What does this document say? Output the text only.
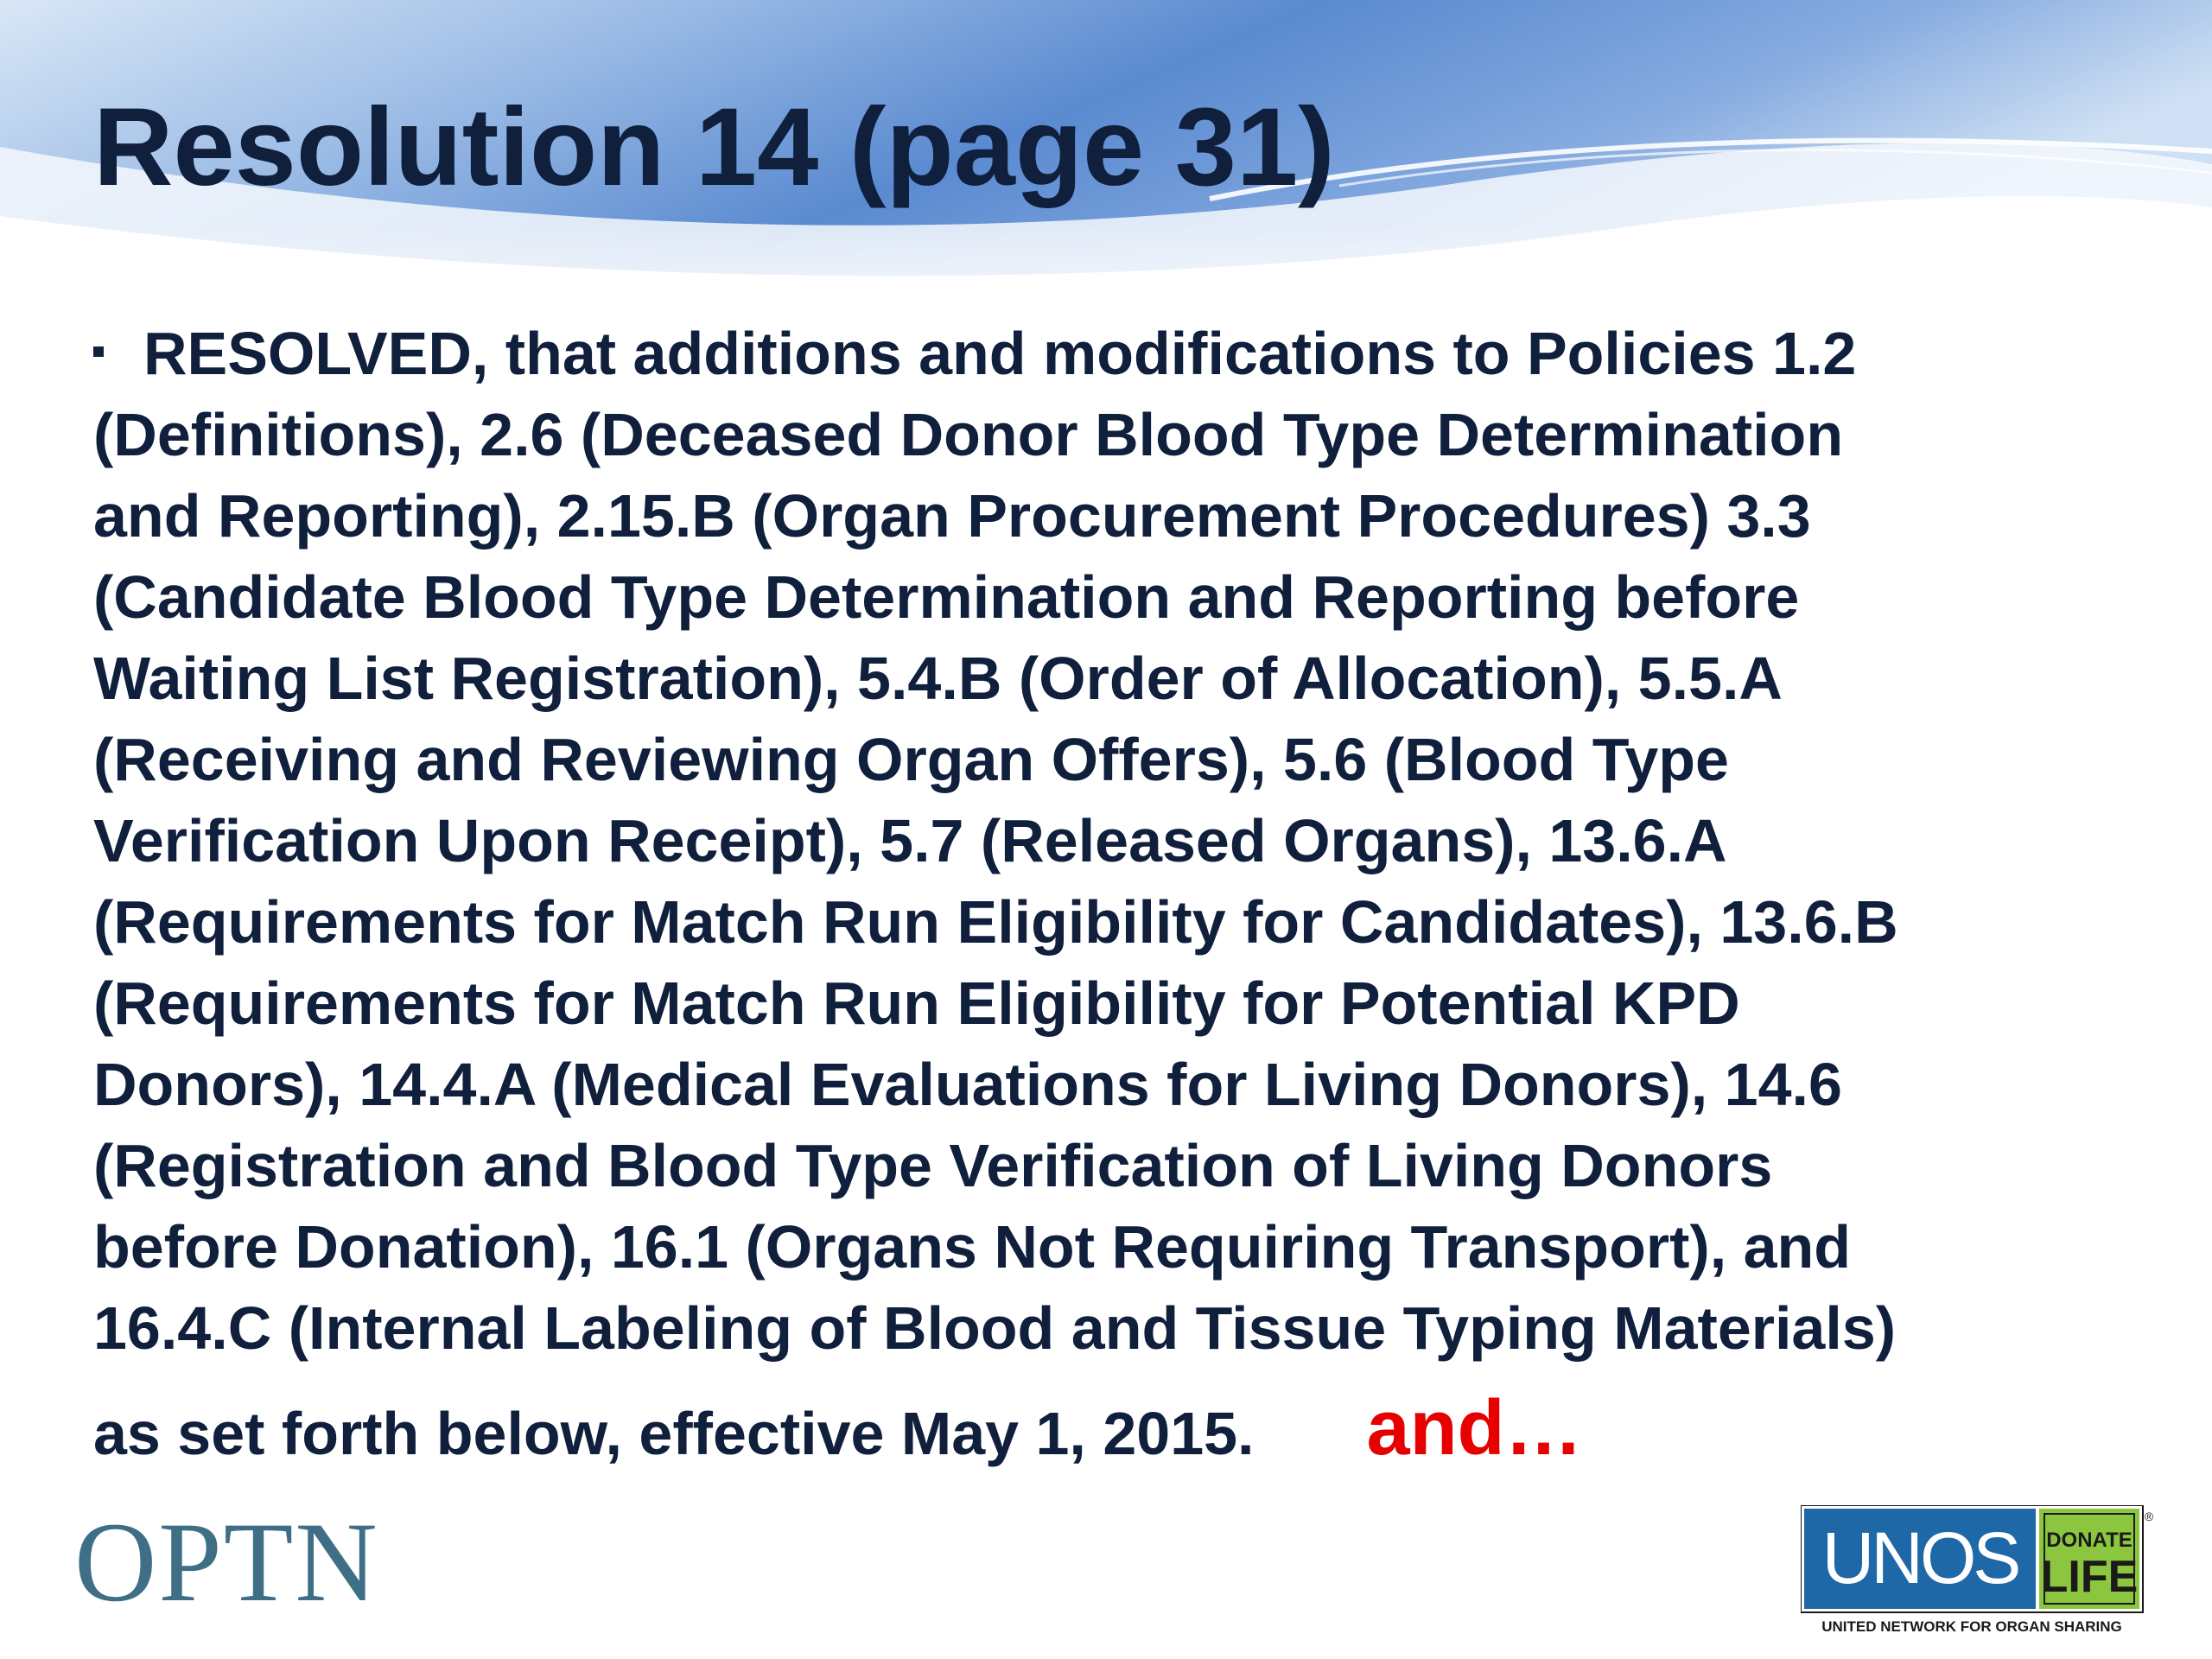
Resolution 14 (page 31)
RESOLVED, that additions and modifications to Policies 1.2
(Definitions), 2.6 (Deceased Donor Blood Type Determination
and Reporting), 2.15.B (Organ Procurement Procedures) 3.3
(Candidate Blood Type Determination and Reporting before
Waiting List Registration), 5.4.B (Order of Allocation), 5.5.A
(Receiving and Reviewing Organ Offers), 5.6 (Blood Type
Verification Upon Receipt), 5.7 (Released Organs), 13.6.A
(Requirements for Match Run Eligibility for Candidates), 13.6.B
(Requirements for Match Run Eligibility for Potential KPD
Donors), 14.4.A (Medical Evaluations for Living Donors), 14.6
(Registration and Blood Type Verification of Living Donors
before Donation), 16.1 (Organs Not Requiring Transport), and
16.4.C (Internal Labeling of Blood and Tissue Typing Materials)
as set forth below, effective May 1, 2015. and…
OPTN	UNOS DONATE
LIFE
®
UNITED NETWORK FOR ORGAN SHARING
